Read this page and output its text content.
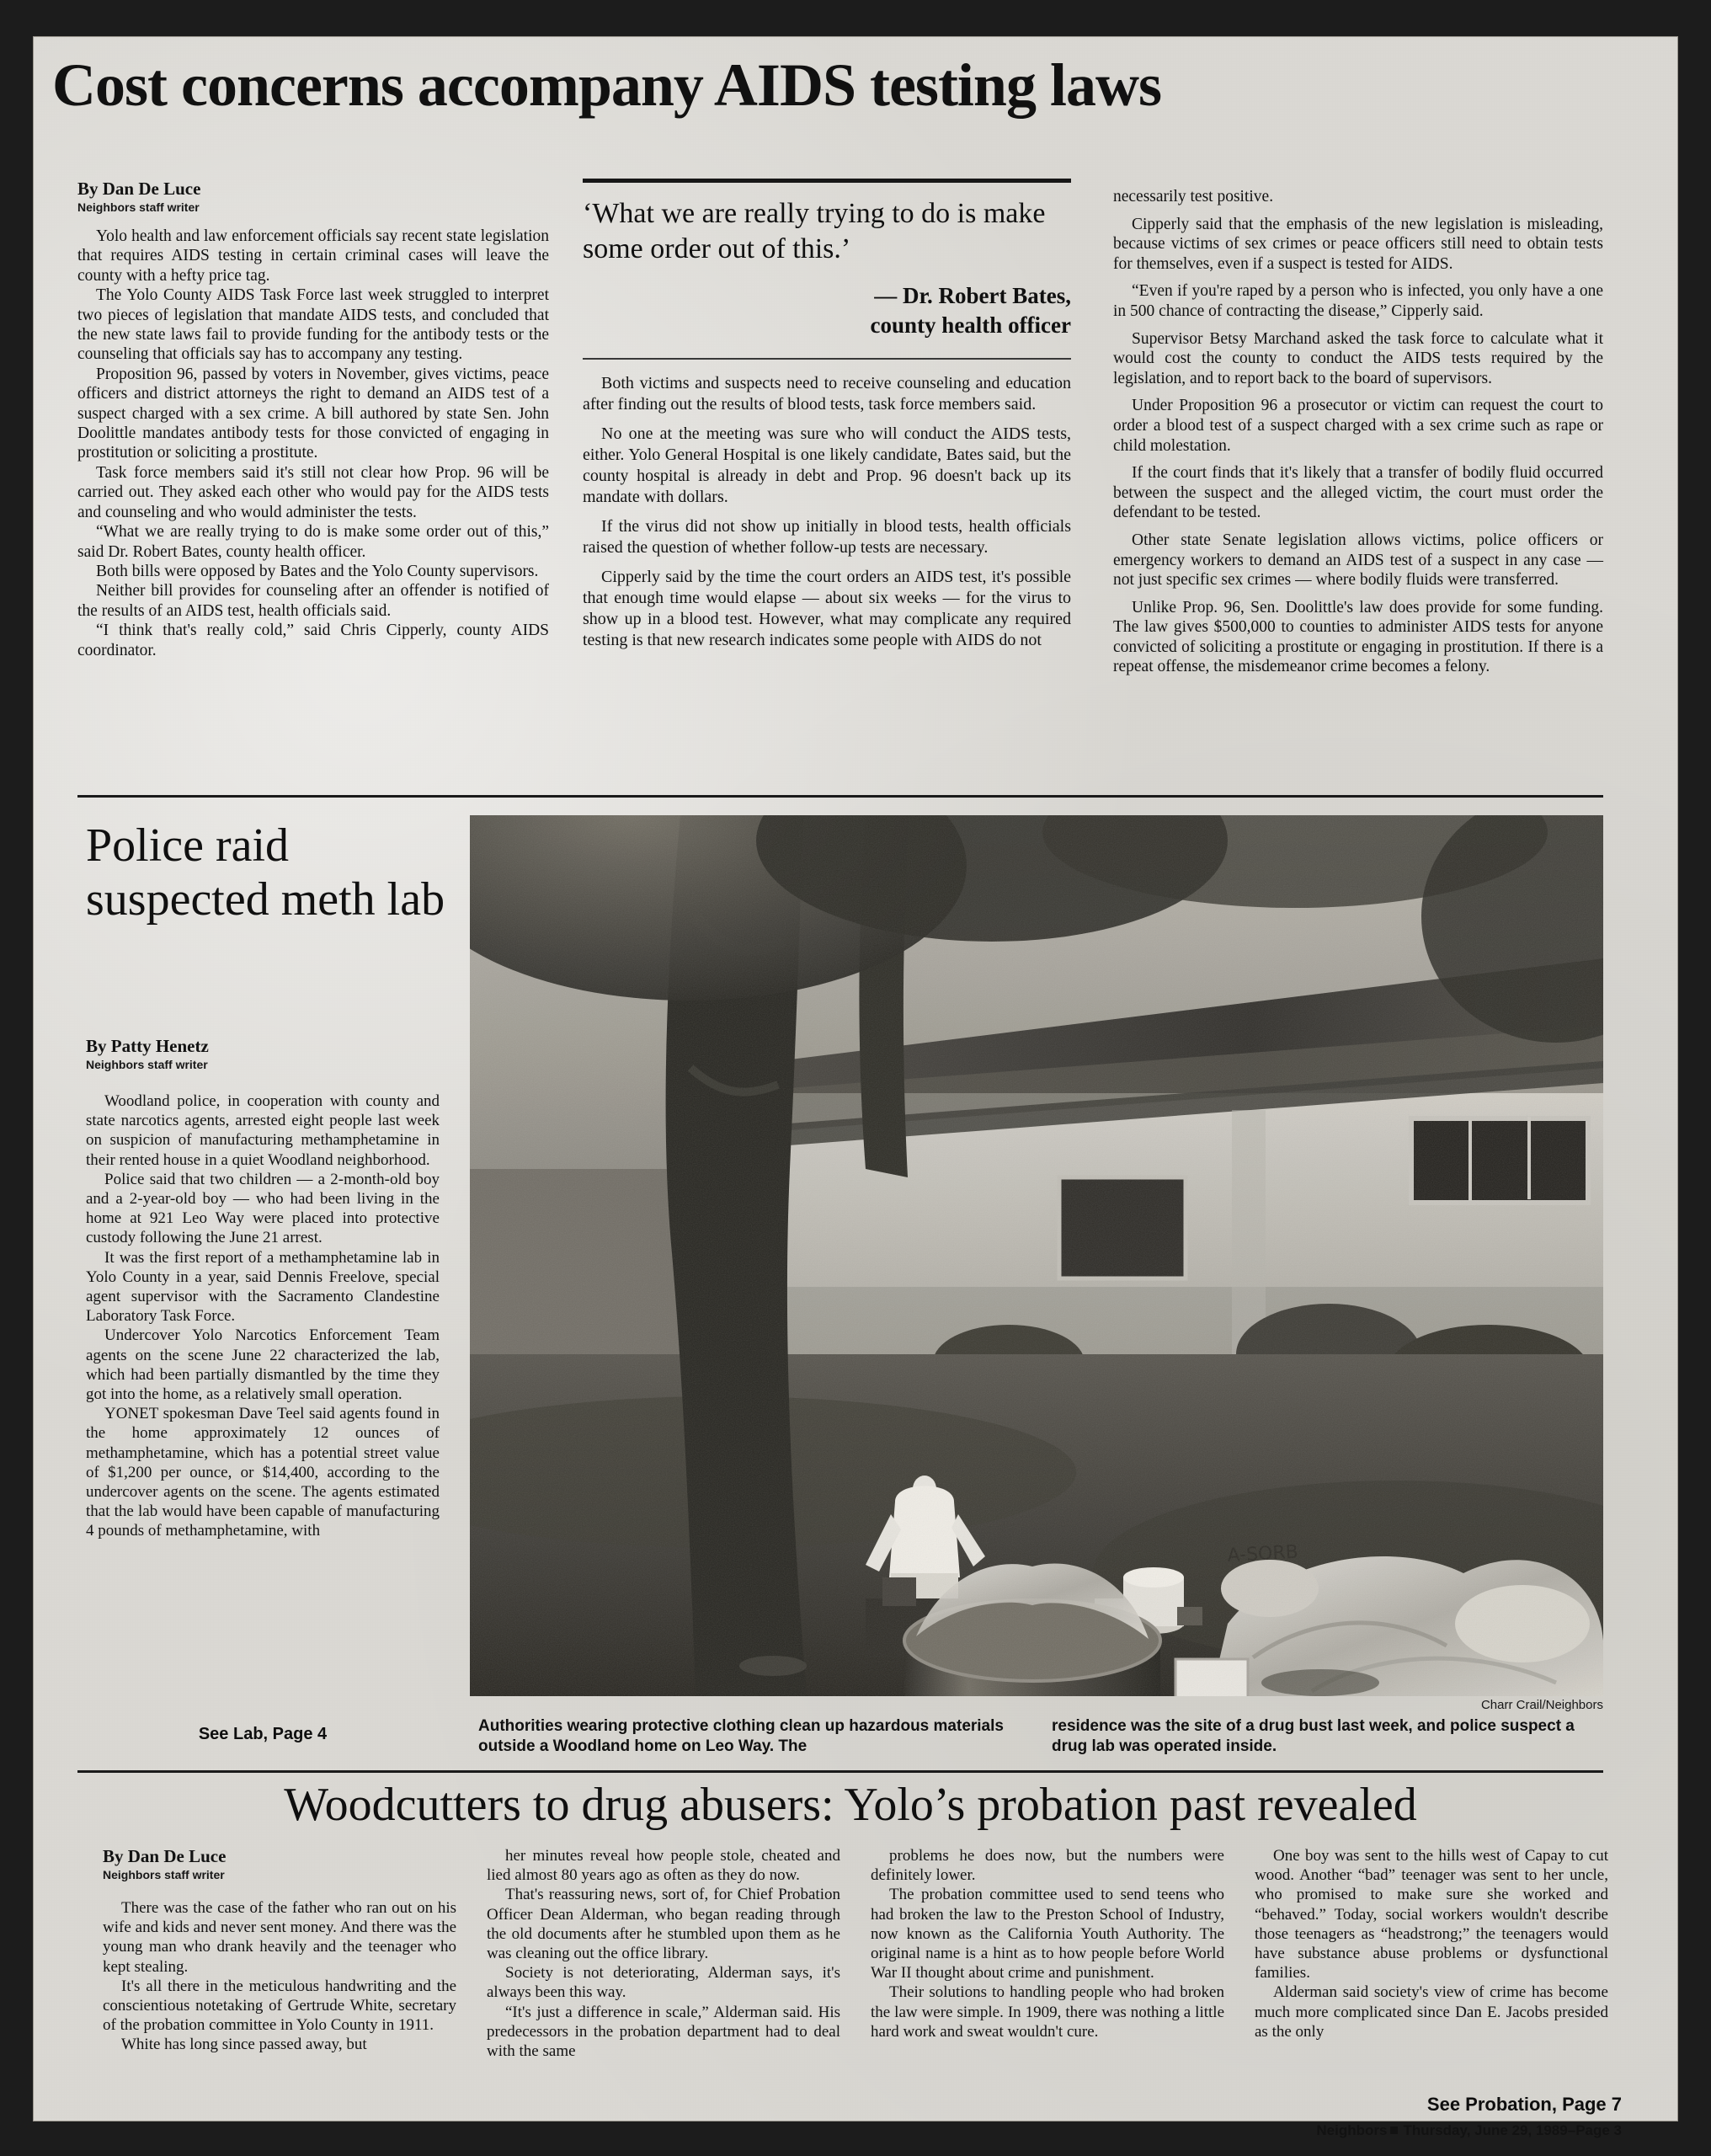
Cost concerns accompany AIDS testing laws
By Dan De Luce
Neighbors staff writer

Yolo health and law enforcement officials say recent state legislation that requires AIDS testing in certain criminal cases will leave the county with a hefty price tag.

The Yolo County AIDS Task Force last week struggled to interpret two pieces of legislation that mandate AIDS tests, and concluded that the new state laws fail to provide funding for the antibody tests or the counseling that officials say has to accompany any testing.

Proposition 96, passed by voters in November, gives victims, peace officers and district attorneys the right to demand an AIDS test of a suspect charged with a sex crime. A bill authored by state Sen. John Doolittle mandates antibody tests for those convicted of engaging in prostitution or soliciting a prostitute.

Task force members said it's still not clear how Prop. 96 will be carried out. They asked each other who would pay for the AIDS tests and counseling and who would administer the tests.

“What we are really trying to do is make some order out of this,” said Dr. Robert Bates, county health officer.

Both bills were opposed by Bates and the Yolo County supervisors.

Neither bill provides for counseling after an offender is notified of the results of an AIDS test, health officials said.

“I think that's really cold,” said Chris Cipperly, county AIDS coordinator.

‘What we are really trying to do is make some order out of this.’
— Dr. Robert Bates,
county health officer

Both victims and suspects need to receive counseling and education after finding out the results of blood tests, task force members said.

No one at the meeting was sure who will conduct the AIDS tests, either. Yolo General Hospital is one likely candidate, Bates said, but the county hospital is already in debt and Prop. 96 doesn't back up its mandate with dollars.

If the virus did not show up initially in blood tests, health officials raised the question of whether follow-up tests are necessary.

Cipperly said by the time the court orders an AIDS test, it's possible that enough time would elapse — about six weeks — for the virus to show up in a blood test. However, what may complicate any required testing is that new research indicates some people with AIDS do not

necessarily test positive.

Cipperly said that the emphasis of the new legislation is misleading, because victims of sex crimes or peace officers still need to obtain tests for themselves, even if a suspect is tested for AIDS.

“Even if you're raped by a person who is infected, you only have a one in 500 chance of contracting the disease,” Cipperly said.

Supervisor Betsy Marchand asked the task force to calculate what it would cost the county to conduct the AIDS tests required by the legislation, and to report back to the board of supervisors.

Under Proposition 96 a prosecutor or victim can request the court to order a blood test of a suspect charged with a sex crime such as rape or child molestation.

If the court finds that it's likely that a transfer of bodily fluid occurred between the suspect and the alleged victim, the court must order the defendant to be tested.

Other state Senate legislation allows victims, police officers or emergency workers to demand an AIDS test of a suspect in any case — not just specific sex crimes — where bodily fluids were transferred.

Unlike Prop. 96, Sen. Doolittle's law does provide for some funding. The law gives $500,000 to counties to administer AIDS tests for anyone convicted of soliciting a prostitute or engaging in prostitution. If there is a repeat offense, the misdemeanor crime becomes a felony.

Police raid suspected meth lab
By Patty Henetz
Neighbors staff writer

Woodland police, in cooperation with county and state narcotics agents, arrested eight people last week on suspicion of manufacturing methamphetamine in their rented house in a quiet Woodland neighborhood.

Police said that two children — a 2-month-old boy and a 2-year-old boy — who had been living in the home at 921 Leo Way were placed into protective custody following the June 21 arrest.

It was the first report of a methamphetamine lab in Yolo County in a year, said Dennis Freelove, special agent supervisor with the Sacramento Clandestine Laboratory Task Force.

Undercover Yolo Narcotics Enforcement Team agents on the scene June 22 characterized the lab, which had been partially dismantled by the time they got into the home, as a relatively small operation.

YONET spokesman Dave Teel said agents found in the home approximately 12 ounces of methamphetamine, which has a potential street value of $1,200 per ounce, or $14,400, according to the undercover agents on the scene. The agents estimated that the lab would have been capable of manufacturing 4 pounds of methamphetamine, with

See Lab, Page 4
A-SORB
Charr Crail/Neighbors
Authorities wearing protective clothing clean up hazardous materials outside a Woodland home on Leo Way. The
residence was the site of a drug bust last week, and police suspect a drug lab was operated inside.
Woodcutters to drug abusers: Yolo’s probation past revealed
By Dan De Luce
Neighbors staff writer

There was the case of the father who ran out on his wife and kids and never sent money. And there was the young man who drank heavily and the teenager who kept stealing.

It's all there in the meticulous handwriting and the conscientious notetaking of Gertrude White, secretary of the probation committee in Yolo County in 1911.

White has long since passed away, but

her minutes reveal how people stole, cheated and lied almost 80 years ago as often as they do now.

That's reassuring news, sort of, for Chief Probation Officer Dean Alderman, who began reading through the old documents after he stumbled upon them as he was cleaning out the office library.

Society is not deteriorating, Alderman says, it's always been this way.

“It's just a difference in scale,” Alderman said. His predecessors in the probation department had to deal with the same

problems he does now, but the numbers were definitely lower.

The probation committee used to send teens who had broken the law to the Preston School of Industry, now known as the California Youth Authority. The original name is a hint as to how people before World War II thought about crime and punishment.

Their solutions to handling people who had broken the law were simple. In 1909, there was nothing a little hard work and sweat wouldn't cure.

One boy was sent to the hills west of Capay to cut wood. Another “bad” teenager was sent to her uncle, who promised to make sure she worked and “behaved.” Today, social workers wouldn't describe those teenagers as “headstrong;” the teenagers would have substance abuse problems or dysfunctional families.

Alderman said society's view of crime has become much more complicated since Dan E. Jacobs presided as the only

See Probation, Page 7
Neighbors Thursday, June 29, 1989–Page 3
